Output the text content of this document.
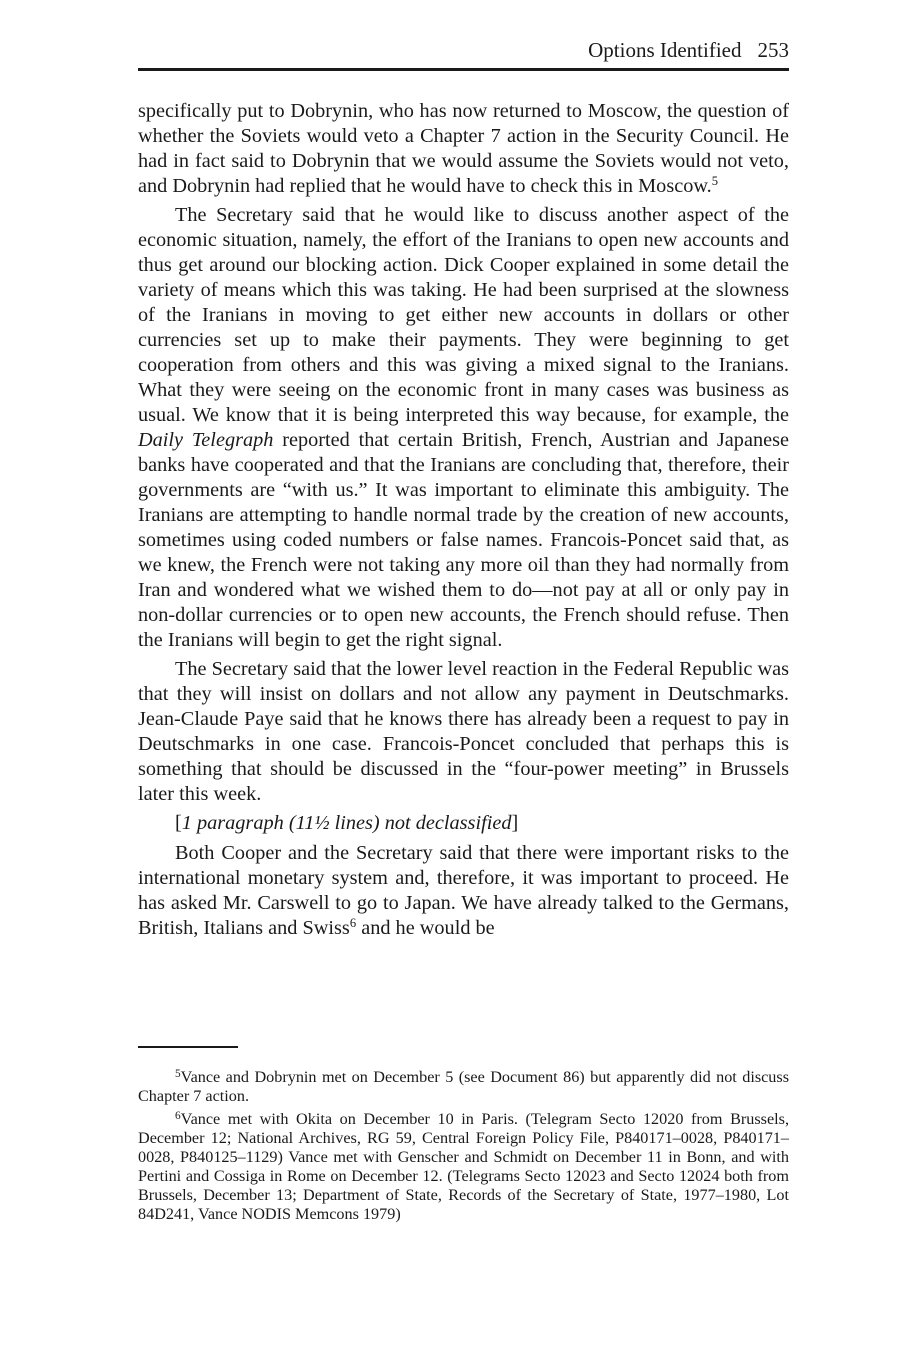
Options Identified 253

specifically put to Dobrynin, who has now returned to Moscow, the question of whether the Soviets would veto a Chapter 7 action in the Security Council. He had in fact said to Dobrynin that we would assume the Soviets would not veto, and Dobrynin had replied that he would have to check this in Moscow.$^5$

The Secretary said that he would like to discuss another aspect of the economic situation, namely, the effort of the Iranians to open new accounts and thus get around our blocking action. Dick Cooper explained in some detail the variety of means which this was taking. He had been surprised at the slowness of the Iranians in moving to get either new accounts in dollars or other currencies set up to make their payments. They were beginning to get cooperation from others and this was giving a mixed signal to the Iranians. What they were seeing on the economic front in many cases was business as usual. We know that it is being interpreted this way because, for example, the Daily Telegraph reported that certain British, French, Austrian and Japanese banks have cooperated and that the Iranians are concluding that, therefore, their governments are “with us.” It was important to eliminate this ambiguity. The Iranians are attempting to handle normal trade by the creation of new accounts, sometimes using coded numbers or false names. Francois-Poncet said that, as we knew, the French were not taking any more oil than they had normally from Iran and wondered what we wished them to do—not pay at all or only pay in non-dollar currencies or to open new accounts, the French should refuse. Then the Iranians will begin to get the right signal.

The Secretary said that the lower level reaction in the Federal Republic was that they will insist on dollars and not allow any payment in Deutschmarks. Jean-Claude Paye said that he knows there has already been a request to pay in Deutschmarks in one case. Francois-Poncet concluded that perhaps this is something that should be discussed in the “four-power meeting” in Brussels later this week.

[1 paragraph (11½ lines) not declassified]

Both Cooper and the Secretary said that there were important risks to the international monetary system and, therefore, it was important to proceed. He has asked Mr. Carswell to go to Japan. We have already talked to the Germans, British, Italians and Swiss$^6$ and he would be

$^5$Vance and Dobrynin met on December 5 (see Document 86) but apparently did not discuss Chapter 7 action.

$^6$Vance met with Okita on December 10 in Paris. (Telegram Secto 12020 from Brussels, December 12; National Archives, RG 59, Central Foreign Policy File, P840171–0028, P840171–0028, P840125–1129) Vance met with Genscher and Schmidt on December 11 in Bonn, and with Pertini and Cossiga in Rome on December 12. (Telegrams Secto 12023 and Secto 12024 both from Brussels, December 13; Department of State, Records of the Secretary of State, 1977–1980, Lot 84D241, Vance NODIS Memcons 1979)
